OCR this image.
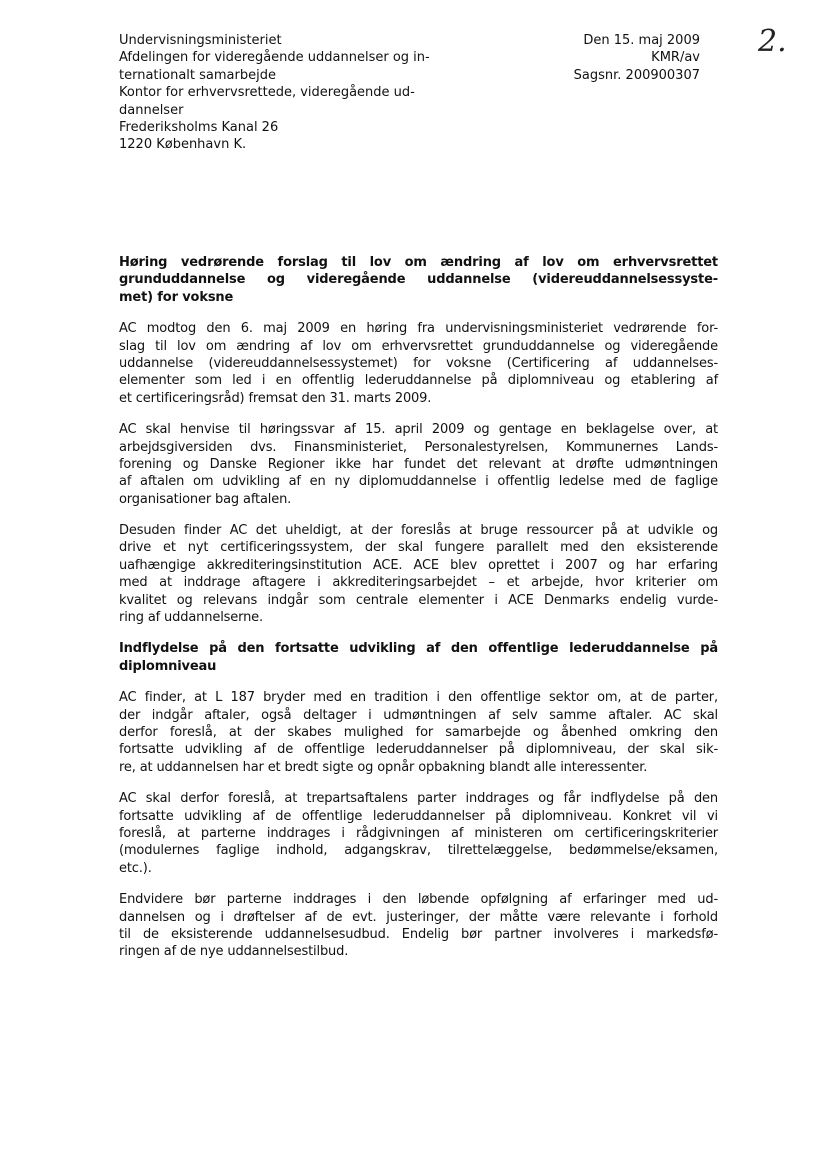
Undervisningsministeriet
Afdelingen for videregående uddannelser og in-
ternationalt samarbejde
Kontor for erhvervsrettede, videregående ud-
dannelser
Frederiksholms Kanal 26
1220 København K.
Den 15. maj 2009
KMR/av
Sagsnr. 200900307
2.
Høring vedrørende forslag til lov om ændring af lov om erhvervsrettet
grunduddannelse og videregående uddannelse (videreuddannelsessyste-
met) for voksne
AC modtog den 6. maj 2009 en høring fra undervisningsministeriet vedrørende for-
slag til lov om ændring af lov om erhvervsrettet grunduddannelse og videregående
uddannelse (videreuddannelsessystemet) for voksne (Certificering af uddannelses-
elementer som led i en offentlig lederuddannelse på diplomniveau og etablering af
et certificeringsråd) fremsat den 31. marts 2009.
AC skal henvise til høringssvar af 15. april 2009 og gentage en beklagelse over, at
arbejdsgiversiden dvs. Finansministeriet, Personalestyrelsen, Kommunernes Lands-
forening og Danske Regioner ikke har fundet det relevant at drøfte udmøntningen
af aftalen om udvikling af en ny diplomuddannelse i offentlig ledelse med de faglige
organisationer bag aftalen.
Desuden finder AC det uheldigt, at der foreslås at bruge ressourcer på at udvikle og
drive et nyt certificeringssystem, der skal fungere parallelt med den eksisterende
uafhængige akkrediteringsinstitution ACE. ACE blev oprettet i 2007 og har erfaring
med at inddrage aftagere i akkrediteringsarbejdet – et arbejde, hvor kriterier om
kvalitet og relevans indgår som centrale elementer i ACE Denmarks endelig vurde-
ring af uddannelserne.
Indflydelse på den fortsatte udvikling af den offentlige lederuddannelse på
diplomniveau
AC finder, at L 187 bryder med en tradition i den offentlige sektor om, at de parter,
der indgår aftaler, også deltager i udmøntningen af selv samme aftaler. AC skal
derfor foreslå, at der skabes mulighed for samarbejde og åbenhed omkring den
fortsatte udvikling af de offentlige lederuddannelser på diplomniveau, der skal sik-
re, at uddannelsen har et bredt sigte og opnår opbakning blandt alle interessenter.
AC skal derfor foreslå, at trepartsaftalens parter inddrages og får indflydelse på den
fortsatte udvikling af de offentlige lederuddannelser på diplomniveau. Konkret vil vi
foreslå, at parterne inddrages i rådgivningen af ministeren om certificeringskriterier
(modulernes faglige indhold, adgangskrav, tilrettelæggelse, bedømmelse/eksamen,
etc.).
Endvidere bør parterne inddrages i den løbende opfølgning af erfaringer med ud-
dannelsen og i drøftelser af de evt. justeringer, der måtte være relevante i forhold
til de eksisterende uddannelsesudbud. Endelig bør partner involveres i markedsfø-
ringen af de nye uddannelsestilbud.
